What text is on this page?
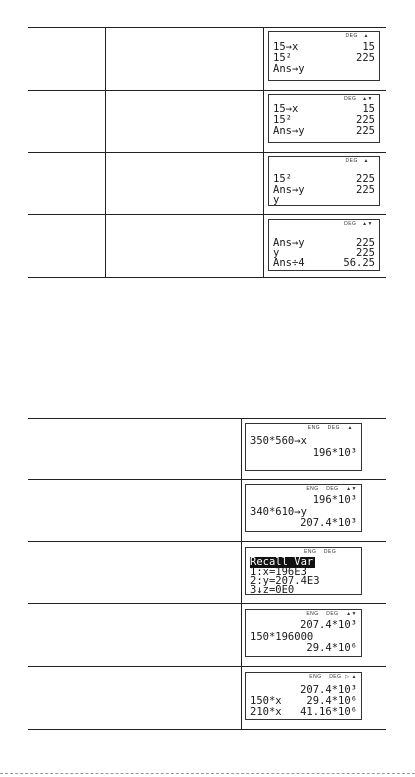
DEG   ▲
15→x	15
15²	225
Ans→y
DEG   ▲▼
15→x	15
15²	225
Ans→y	225
DEG   ▲
15²	225
Ans→y	225
y
DEG   ▲▼
Ans→y	225
y	225
Ans÷4	56.25
ENG    DEG    ▲
350*560→x
196*10³
ENG    DEG    ▲▼
196*10³
340*610→y
207.4*10³
ENG    DEG
Recall Var
1:x=196E3
2:y=207.4E3
3↓z=0E0
ENG    DEG    ▲▼
207.4*10³
150*196000
29.4*10⁶
ENG    DEG  ▷ ▲
207.4*10³
150*x 29.4*10⁶
210*x 41.16*10⁶
